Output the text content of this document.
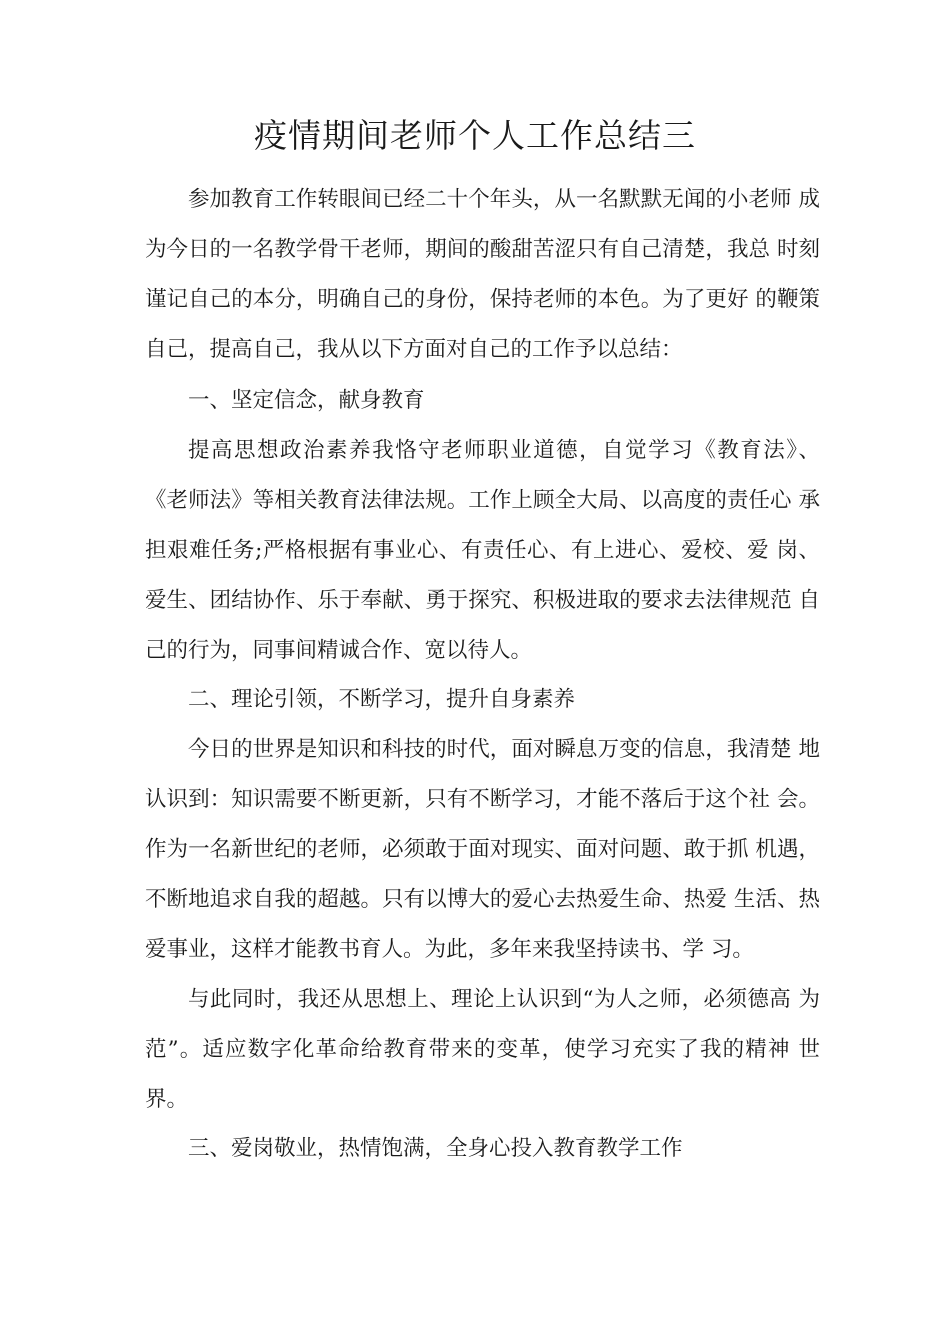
疫情期间老师个人工作总结三
参加教育工作转眼间已经二十个年头，从一名默默无闻的小老师 成
为今日的一名教学骨干老师，期间的酸甜苦涩只有自己清楚，我总 时刻
谨记自己的本分，明确自己的身份，保持老师的本色。为了更好 的鞭策
自己，提高自己，我从以下方面对自己的工作予以总结：
一、坚定信念，献身教育
提高思想政治素养我恪守老师职业道德，自觉学习《教育法》、
《老师法》等相关教育法律法规。工作上顾全大局、以高度的责任心 承
担艰难任务;严格根据有事业心、有责任心、有上进心、爱校、爱 岗、
爱生、团结协作、乐于奉献、勇于探究、积极进取的要求去法律规范 自
己的行为，同事间精诚合作、宽以待人。
二、理论引领，不断学习，提升自身素养
今日的世界是知识和科技的时代，面对瞬息万变的信息，我清楚 地
认识到：知识需要不断更新，只有不断学习，才能不落后于这个社 会。
作为一名新世纪的老师，必须敢于面对现实、面对问题、敢于抓 机遇，
不断地追求自我的超越。只有以博大的爱心去热爱生命、热爱 生活、热
爱事业，这样才能教书育人。为此，多年来我坚持读书、学 习。
与此同时，我还从思想上、理论上认识到“为人之师，必须德高 为
范”。适应数字化革命给教育带来的变革，使学习充实了我的精神 世
界。
三、爱岗敬业，热情饱满，全身心投入教育教学工作
